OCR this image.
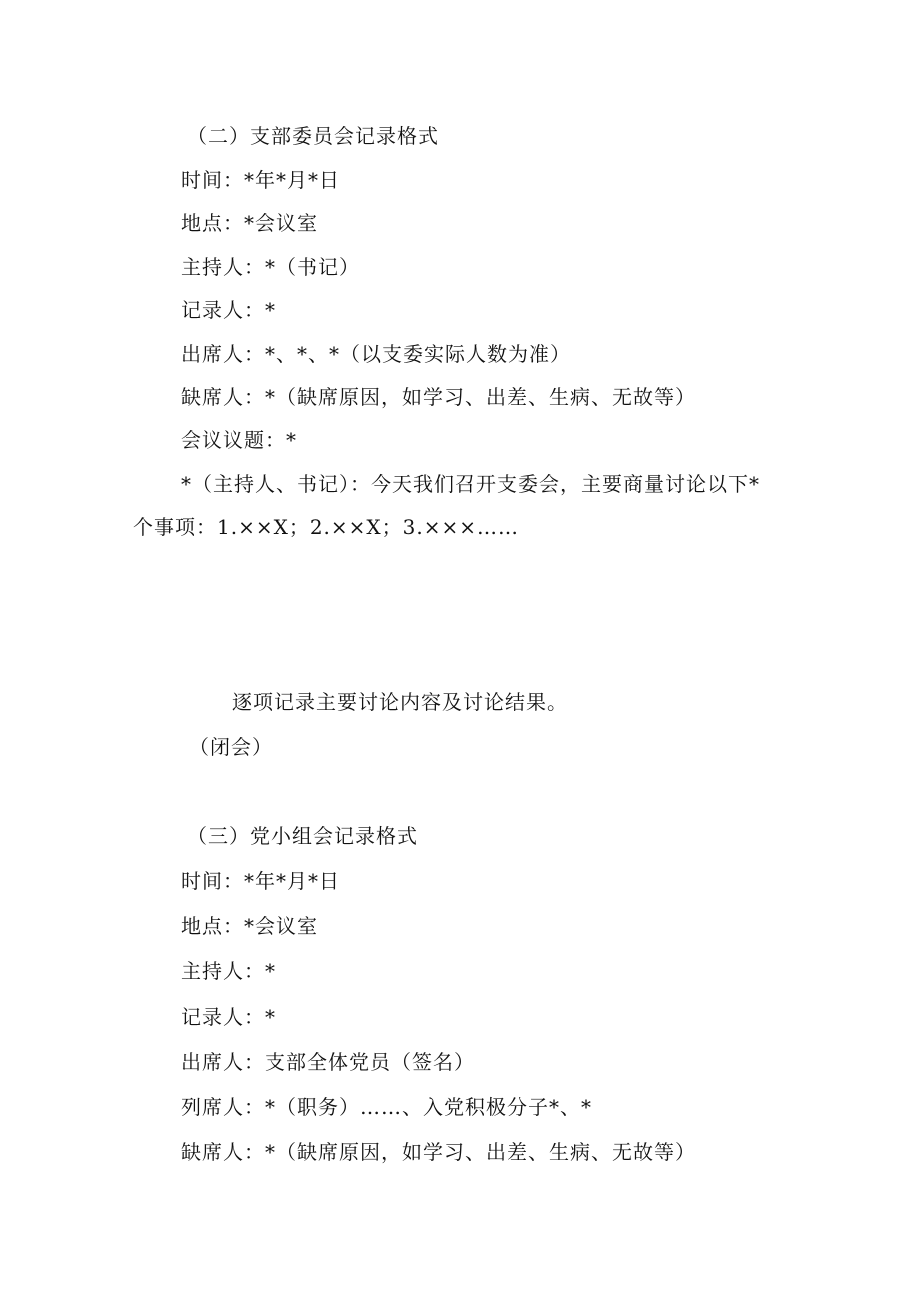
（二）支部委员会记录格式
时间：*年*月*日
地点：*会议室
主持人：*（书记）
记录人：*
出席人：*、*、*（以支委实际人数为准）
缺席人：*（缺席原因，如学习、出差、生病、无故等）
会议议题：*
*（主持人、书记）：今天我们召开支委会，主要商量讨论以下*
个事项：1.××X；2.××X；3.×××……
逐项记录主要讨论内容及讨论结果。
（闭会）
（三）党小组会记录格式
时间：*年*月*日
地点：*会议室
主持人：*
记录人：*
出席人：支部全体党员（签名）
列席人：*（职务）……、入党积极分子*、*
缺席人：*（缺席原因，如学习、出差、生病、无故等）
